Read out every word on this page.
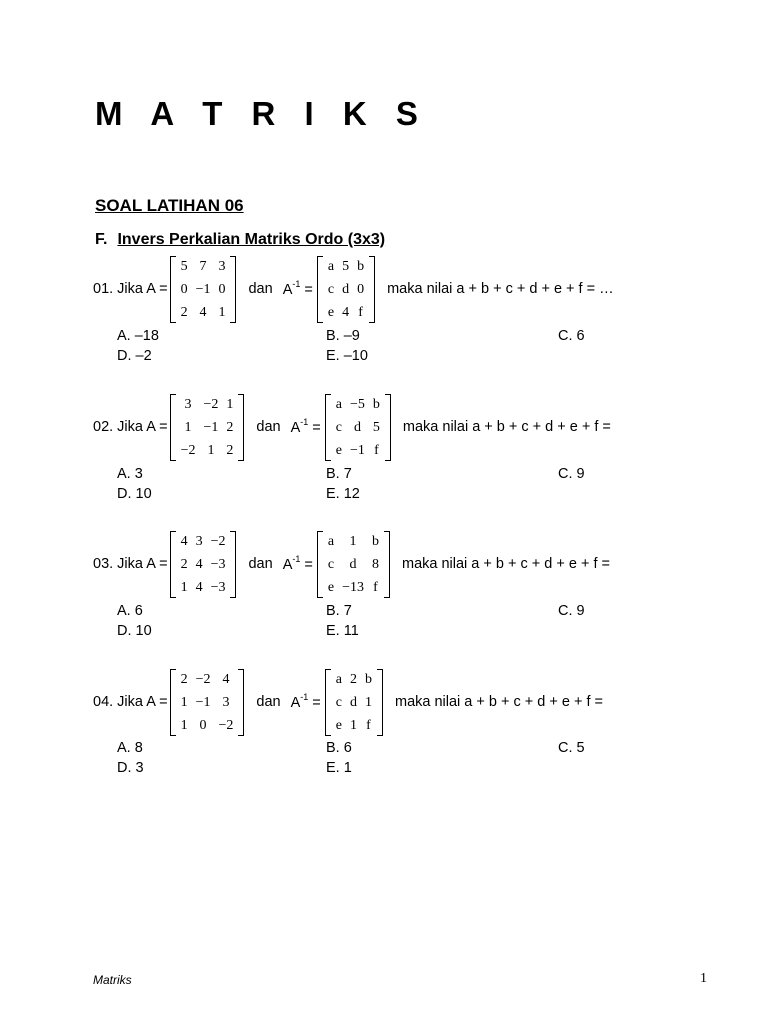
M A T R I K S
SOAL LATIHAN 06
F. Invers Perkalian Matriks Ordo (3x3)
01. Jika A =
5	7	3
0	−1	0
2	4	1
dan $A^{-1}$ =
a	5	b
c	d	0
e	4	f
maka nilai a + b + c + d + e + f = …
A. –18	B. –9	C. 6
D. –2	E. –10
02. Jika A =
3	−2	1
1	−1	2
−2	1	2
dan $A^{-1}$ =
a	−5	b
c	d	5
e	−1	f
maka nilai a + b + c + d + e + f =
A. 3	B. 7	C. 9
D. 10	E. 12
03. Jika A =
4	3	−2
2	4	−3
1	4	−3
dan $A^{-1}$ =
a	1	b
c	d	8
e	−13	f
maka nilai a + b + c + d + e + f =
A. 6	B. 7	C. 9
D. 10	E. 11
04. Jika A =
2	−2	4
1	−1	3
1	0	−2
dan $A^{-1}$ =
a	2	b
c	d	1
e	1	f
maka nilai a + b + c + d + e + f =
A. 8	B. 6	C. 5
D. 3	E. 1
Matriks	1
